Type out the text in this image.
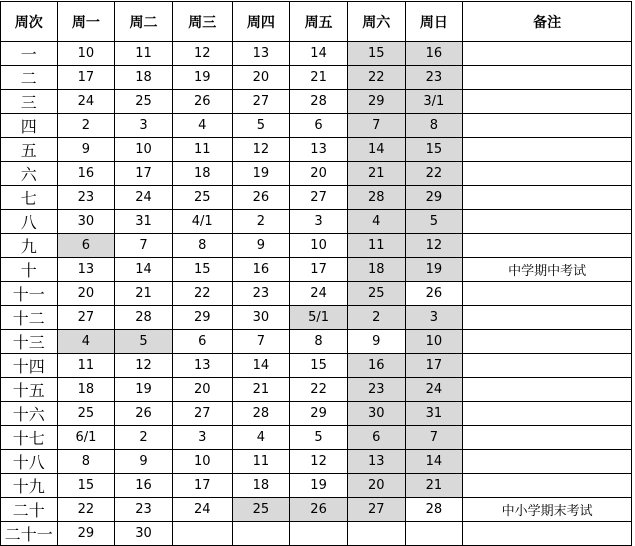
周次	周一	周二	周三	周四	周五	周六	周日	备注
一	10	11	12	13	14	15	16	
二	17	18	19	20	21	22	23	
三	24	25	26	27	28	29	3/1	
四	2	3	4	5	6	7	8	
五	9	10	11	12	13	14	15	
六	16	17	18	19	20	21	22	
七	23	24	25	26	27	28	29	
八	30	31	4/1	2	3	4	5	
九	6	7	8	9	10	11	12	
十	13	14	15	16	17	18	19	中学期中考试
十一	20	21	22	23	24	25	26	
十二	27	28	29	30	5/1	2	3	
十三	4	5	6	7	8	9	10	
十四	11	12	13	14	15	16	17	
十五	18	19	20	21	22	23	24	
十六	25	26	27	28	29	30	31	
十七	6/1	2	3	4	5	6	7	
十八	8	9	10	11	12	13	14	
十九	15	16	17	18	19	20	21	
二十	22	23	24	25	26	27	28	中小学期末考试
二十一	29	30						
